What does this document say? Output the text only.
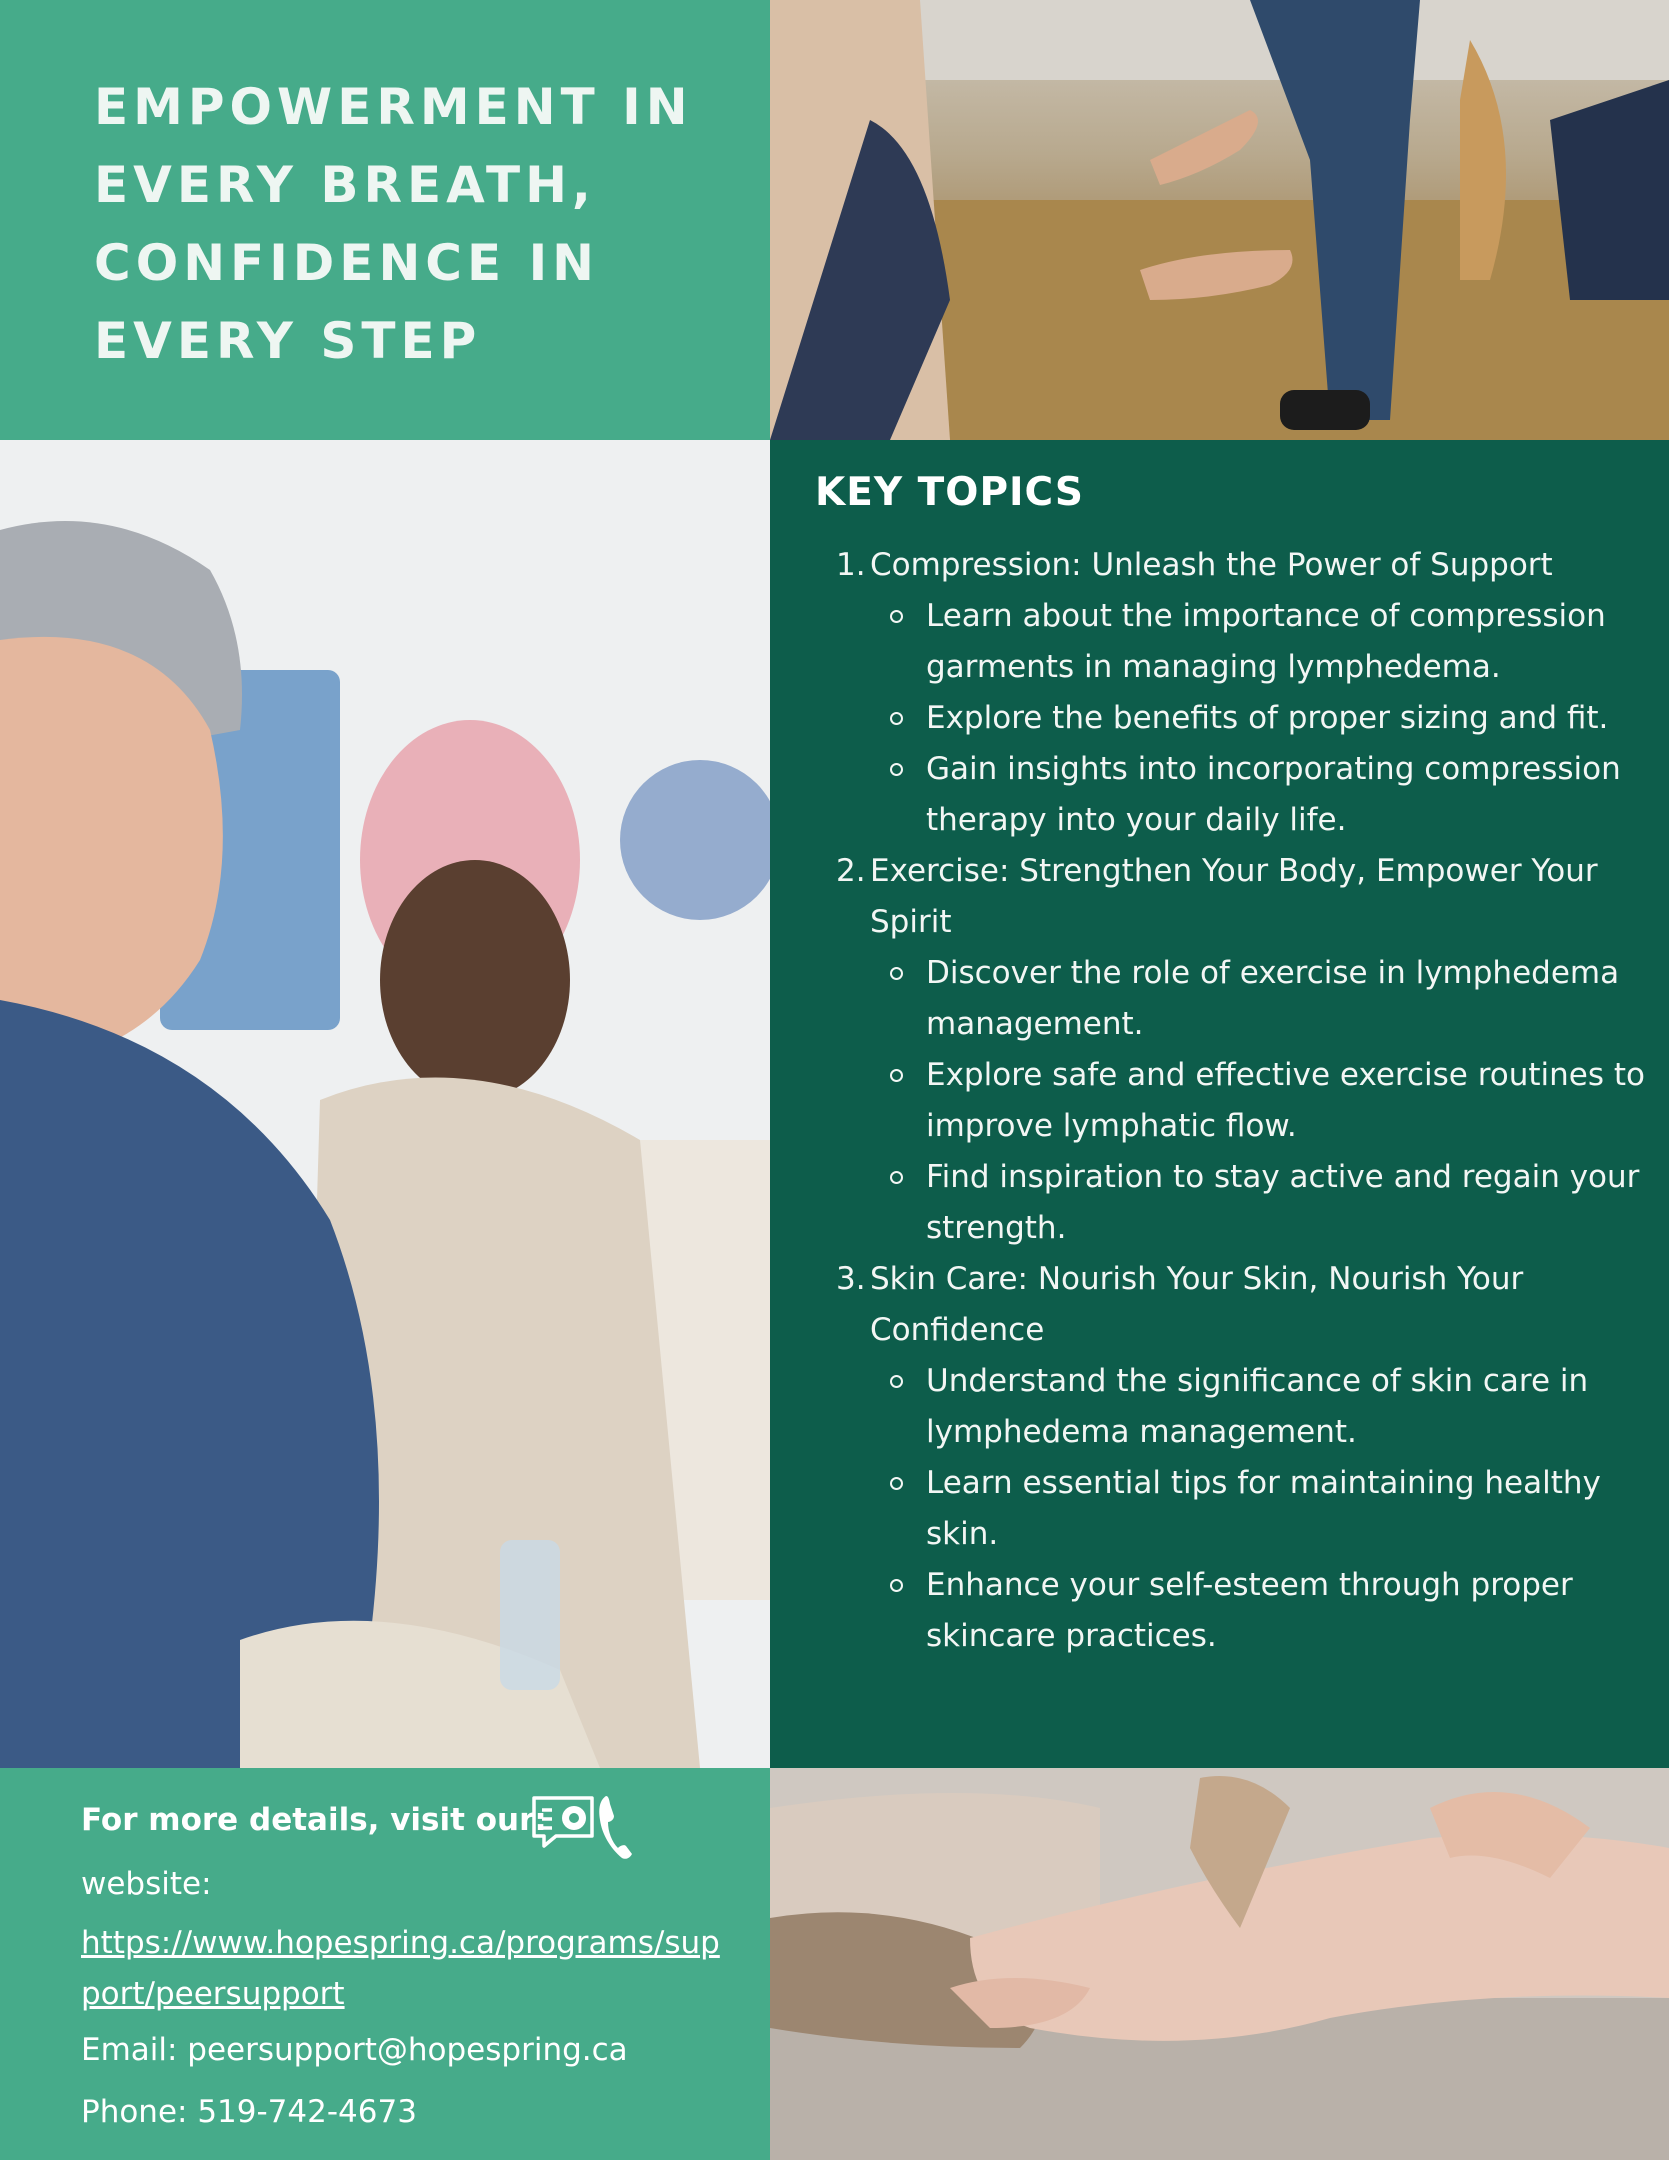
EMPOWERMENT IN EVERY BREATH, CONFIDENCE IN EVERY STEP
KEY TOPICS
1. Compression: Unleash the Power of Support
Learn about the importance of compression garments in managing lymphedema.
Explore the benefits of proper sizing and fit.
Gain insights into incorporating compression therapy into your daily life.
2. Exercise: Strengthen Your Body, Empower Your Spirit
Discover the role of exercise in lymphedema management.
Explore safe and effective exercise routines to improve lymphatic flow.
Find inspiration to stay active and regain your strength.
3. Skin Care: Nourish Your Skin, Nourish Your Confidence
Understand the significance of skin care in lymphedema management.
Learn essential tips for maintaining healthy skin.
Enhance your self-esteem through proper skincare practices.
For more details, visit our:
website:
https://www.hopespring.ca/programs/support/peersupport
Email: peersupport@hopespring.ca
Phone: 519-742-4673
